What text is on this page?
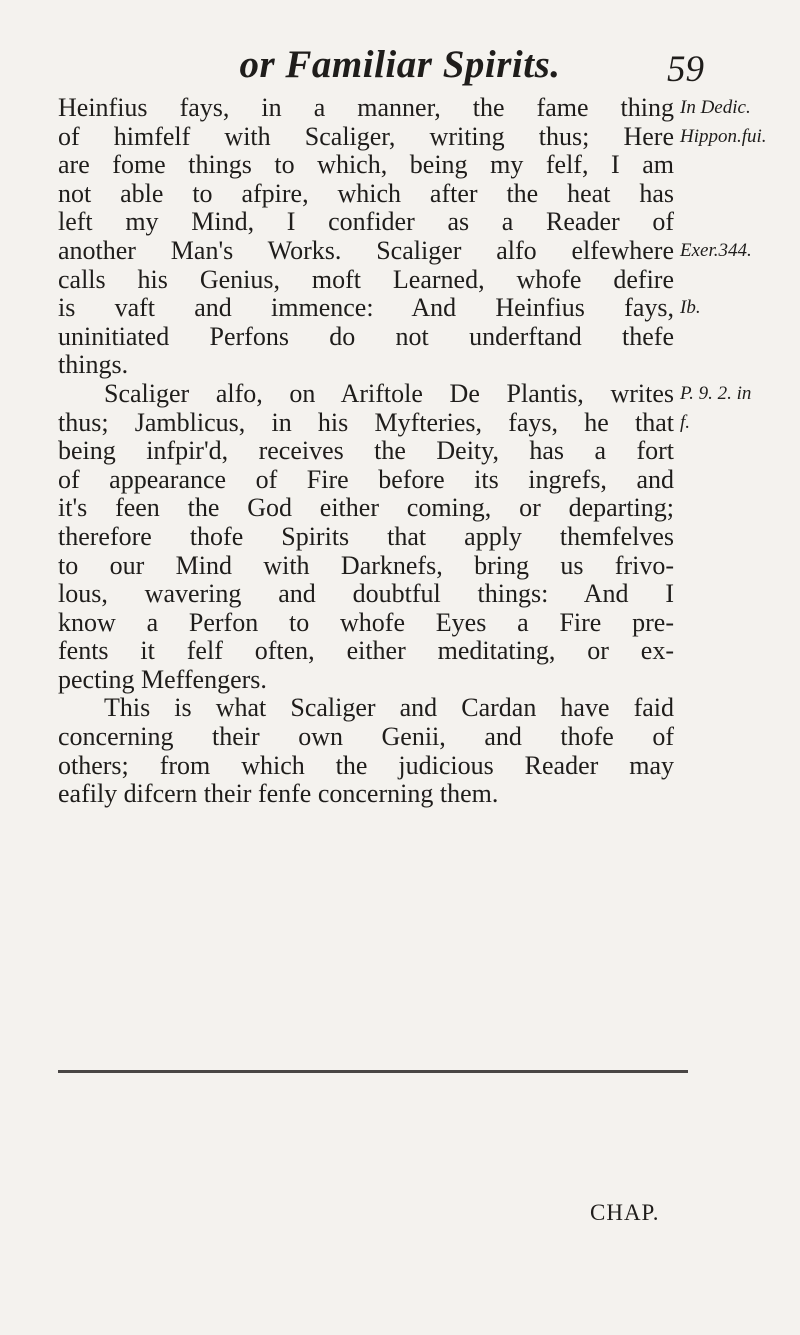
or Familiar Spirits.	59
Heinfius fays, in a manner, the fame thing
of himfelf with Scaliger, writing thus; Here
are fome things to which, being my felf, I am
not able to afpire, which after the heat has
left my Mind, I confider as a Reader of
another Man's Works. Scaliger alfo elfewhere
calls his Genius, moft Learned, whofe defire
is vaft and immence: And Heinfius fays,
uninitiated Perfons do not underftand thefe
things.
Scaliger alfo, on Ariftole De Plantis, writes
thus; Jamblicus, in his Myfteries, fays, he that
being infpir'd, receives the Deity, has a fort
of appearance of Fire before its ingrefs, and
it's feen the God either coming, or departing;
therefore thofe Spirits that apply themfelves
to our Mind with Darknefs, bring us frivo-
lous, wavering and doubtful things: And I
know a Perfon to whofe Eyes a Fire pre-
fents it felf often, either meditating, or ex-
pecting Meffengers.
This is what Scaliger and Cardan have faid
concerning their own Genii, and thofe of
others; from which the judicious Reader may
eafily difcern their fenfe concerning them.
In Dedic.
Hippon.fui.
Exer.344.
Ib.
P. 9. 2. in
f.
CHAP.
